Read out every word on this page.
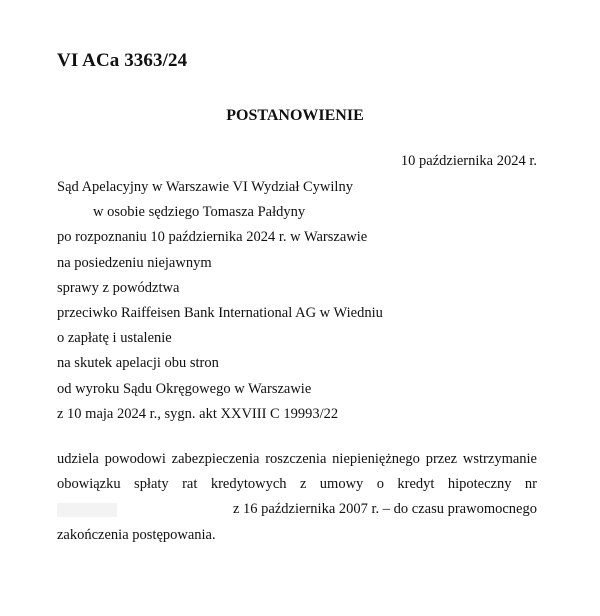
VI ACa 3363/24
POSTANOWIENIE

10 października 2024 r.

Sąd Apelacyjny w Warszawie VI Wydział Cywilny
w osobie sędziego Tomasza Pałdyny
po rozpoznaniu 10 października 2024 r. w Warszawie
na posiedzeniu niejawnym
sprawy z powództwa
przeciwko Raiffeisen Bank International AG w Wiedniu
o zapłatę i ustalenie
na skutek apelacji obu stron
od wyroku Sądu Okręgowego w Warszawie
z 10 maja 2024 r., sygn. akt XXVIII C 19993/22
udziela powodowi zabezpieczenia roszczenia niepieniężnego przez wstrzymanie
obowiązku spłaty rat kredytowych z umowy o kredyt hipoteczny nr
z 16 października 2007 r. – do czasu prawomocnego
zakończenia postępowania.
